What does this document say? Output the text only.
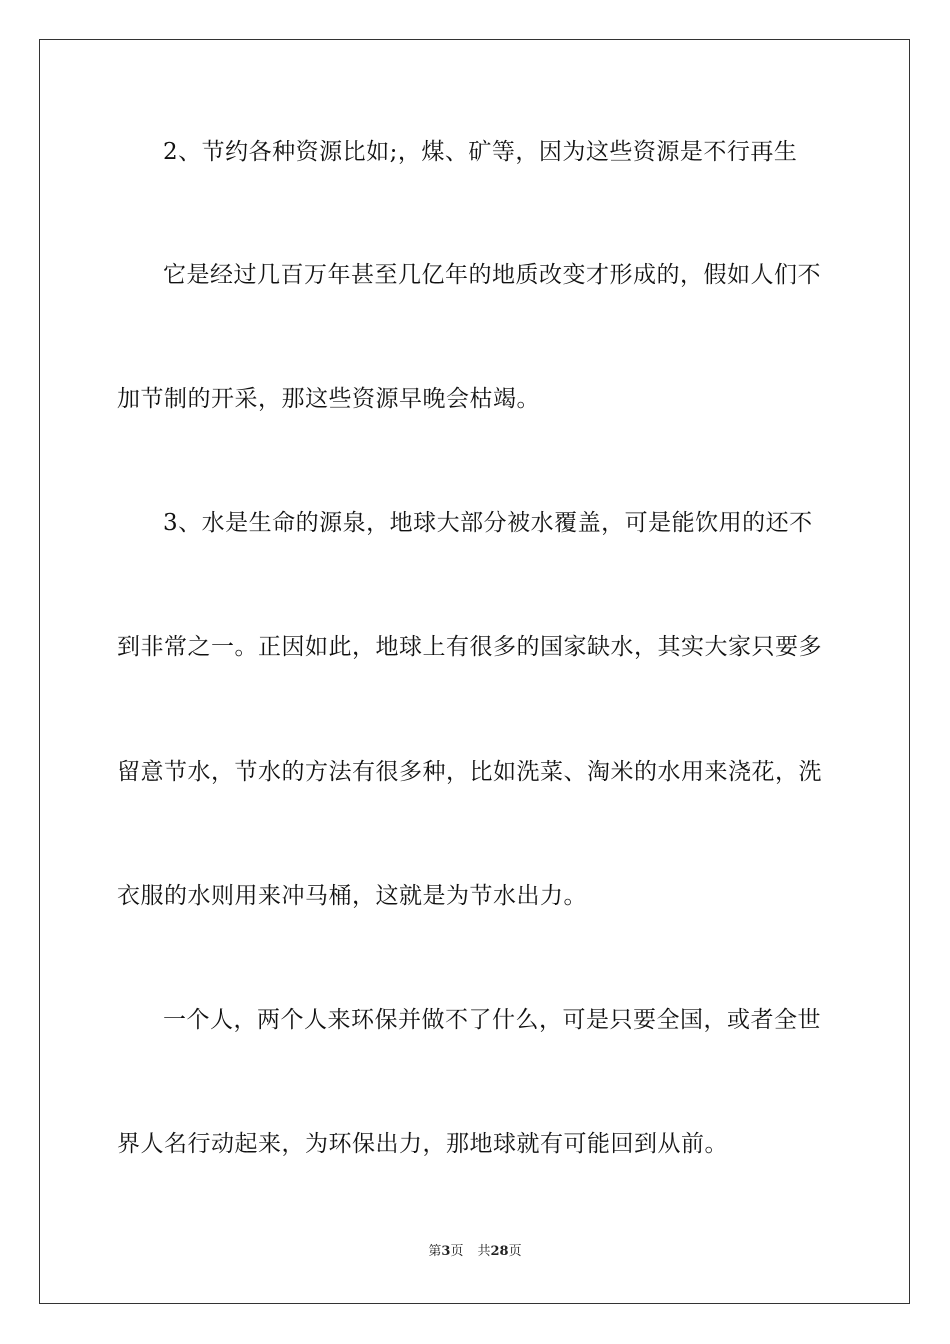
2、节约各种资源比如;，煤、矿等，因为这些资源是不行再生
它是经过几百万年甚至几亿年的地质改变才形成的，假如人们不
加节制的开采，那这些资源早晚会枯竭。
3、水是生命的源泉，地球大部分被水覆盖，可是能饮用的还不
到非常之一。正因如此，地球上有很多的国家缺水，其实大家只要多
留意节水，节水的方法有很多种，比如洗菜、淘米的水用来浇花，洗
衣服的水则用来冲马桶，这就是为节水出力。
一个人，两个人来环保并做不了什么，可是只要全国，或者全世
界人名行动起来，为环保出力，那地球就有可能回到从前。
第3页 共28页
